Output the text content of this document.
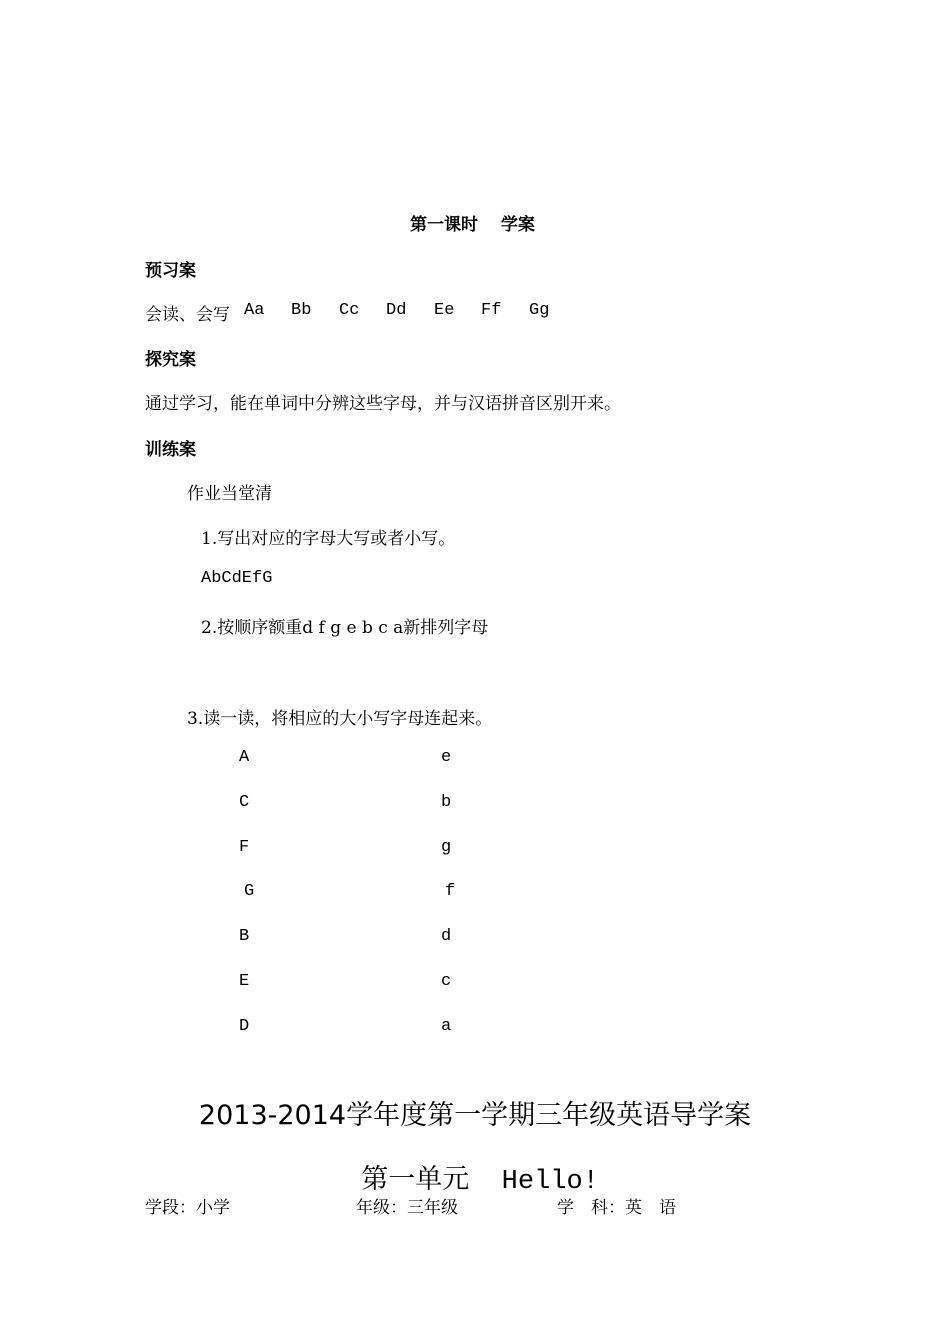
第一课时　 学案
预习案
会读、会写 Aa Bb Cc Dd Ee Ff Gg
探究案
通过学习，能在单词中分辨这些字母，并与汉语拼音区别开来。
训练案
作业当堂清
1.写出对应的字母大写或者小写。
AbCdEfG
2.按顺序额重d f g e b c a新排列字母
3.读一读，将相应的大小写字母连起来。
A	e
C	b
F	g
G	f
B	d
E	c
D	a
2013-2014学年度第一学期三年级英语导学案

第一单元 Hello!

学段：小学	年级：三年级	学　科：英　语
